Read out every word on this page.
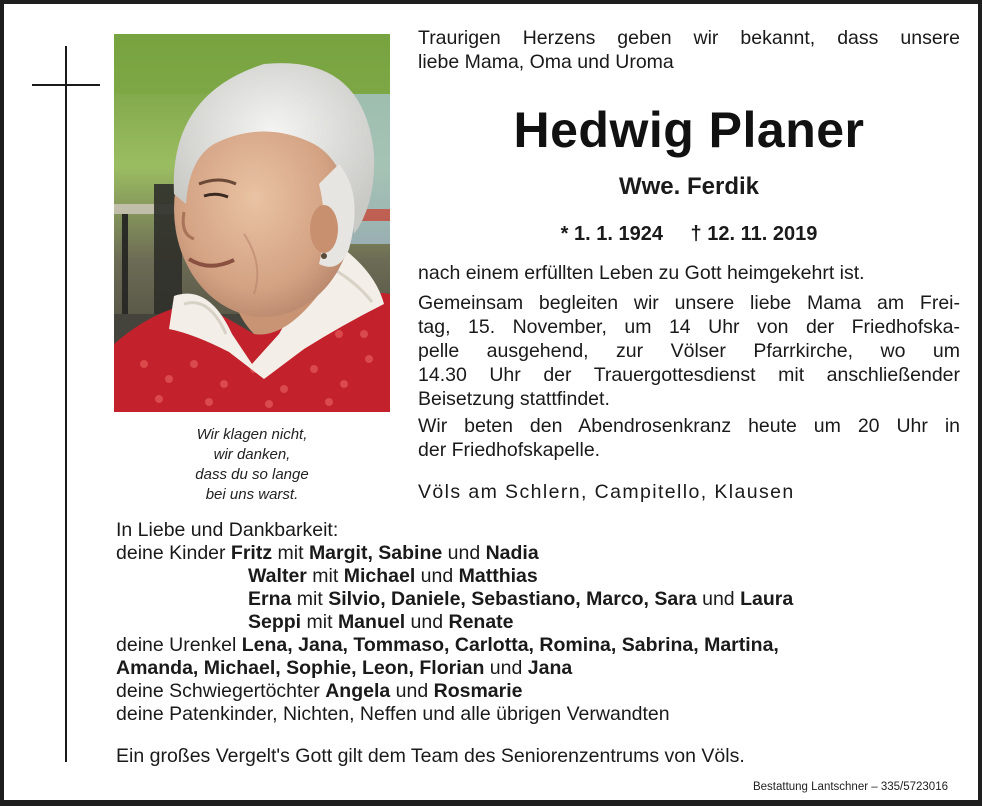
Wir klagen nicht,
wir danken,
dass du so lange
bei uns warst.
Traurigen Herzens geben wir bekannt, dass unsere
liebe Mama, Oma und Uroma
Hedwig Planer
Wwe. Ferdik
* 1. 1. 1924 † 12. 11. 2019
nach einem erfüllten Leben zu Gott heimgekehrt ist.
Gemeinsam begleiten wir unsere liebe Mama am Frei-
tag, 15. November, um 14 Uhr von der Friedhofska-
pelle ausgehend, zur Völser Pfarrkirche, wo um
14.30 Uhr der Trauergottesdienst mit anschließender
Beisetzung stattfindet.
Wir beten den Abendrosenkranz heute um 20 Uhr in
der Friedhofskapelle.
Völs am Schlern, Campitello, Klausen
In Liebe und Dankbarkeit:
deine Kinder Fritz mit Margit, Sabine und Nadia
Walter mit Michael und Matthias
Erna mit Silvio, Daniele, Sebastiano, Marco, Sara und Laura
Seppi mit Manuel und Renate
deine Urenkel Lena, Jana, Tommaso, Carlotta, Romina, Sabrina, Martina,
Amanda, Michael, Sophie, Leon, Florian und Jana
deine Schwiegertöchter Angela und Rosmarie
deine Patenkinder, Nichten, Neffen und alle übrigen Verwandten
Ein großes Vergelt's Gott gilt dem Team des Seniorenzentrums von Völs.
Bestattung Lantschner – 335/5723016
